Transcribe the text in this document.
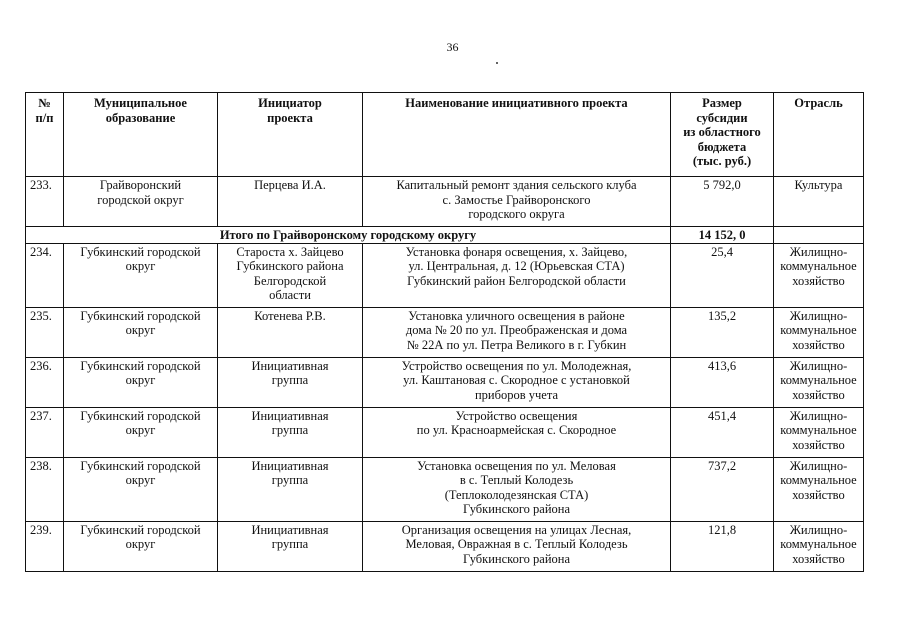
36
№
п/п	Муниципальное
образование	Инициатор
проекта	Наименование инициативного проекта	Размер
субсидии
из областного
бюджета
(тыс. руб.)	Отрасль
233.	Грайворонский
городской округ	Перцева И.А.	Капитальный ремонт здания сельского клуба
с. Замостье Грайворонского
городского округа	5 792,0	Культура
Итого по Грайворонскому городскому округу				14 152, 0	
234.	Губкинский городской
округ	Староста х. Зайцево
Губкинского района
Белгородской
области	Установка фонаря освещения, х. Зайцево,
ул. Центральная, д. 12 (Юрьевская СТА)
Губкинский район Белгородской области	25,4	Жилищно-
коммунальное
хозяйство
235.	Губкинский городской
округ	Котенева Р.В.	Установка уличного освещения в районе
дома № 20 по ул. Преображенская и дома
№ 22А по ул. Петра Великого в г. Губкин	135,2	Жилищно-
коммунальное
хозяйство
236.	Губкинский городской
округ	Инициативная
группа	Устройство освещения по ул. Молодежная,
ул. Каштановая с. Скородное с установкой
приборов учета	413,6	Жилищно-
коммунальное
хозяйство
237.	Губкинский городской
округ	Инициативная
группа	Устройство освещения
по ул. Красноармейская с. Скородное	451,4	Жилищно-
коммунальное
хозяйство
238.	Губкинский городской
округ	Инициативная
группа	Установка освещения по ул. Меловая
в с. Теплый Колодезь
(Теплоколодезянская СТА)
Губкинского района	737,2	Жилищно-
коммунальное
хозяйство
239.	Губкинский городской
округ	Инициативная
группа	Организация освещения на улицах Лесная,
Меловая, Овражная в с. Теплый Колодезь
Губкинского района	121,8	Жилищно-
коммунальное
хозяйство
